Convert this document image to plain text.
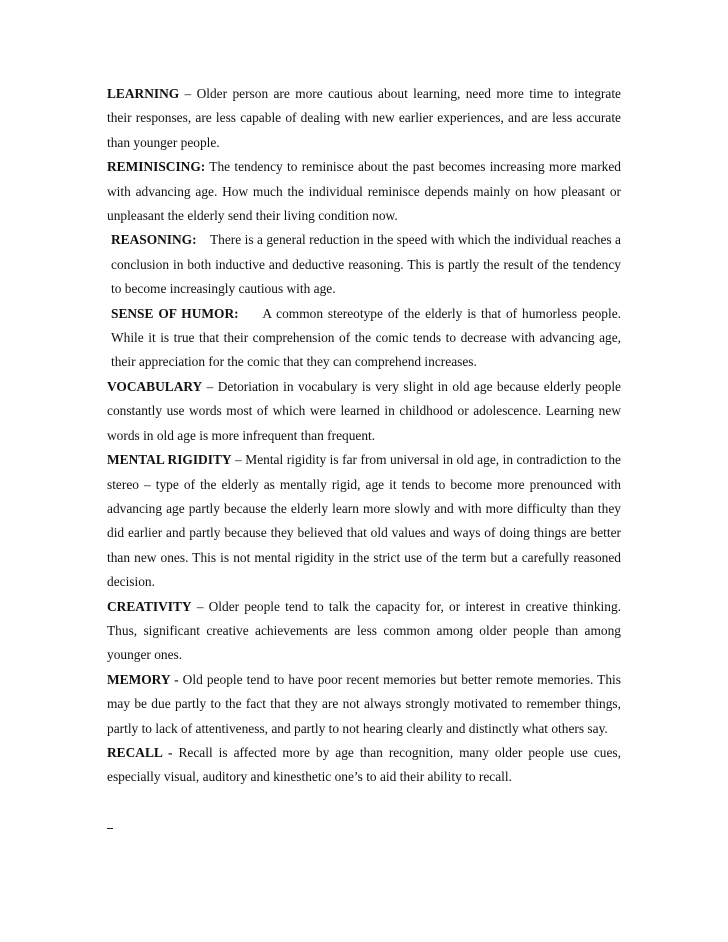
LEARNING – Older person are more cautious about learning, need more time to integrate their responses, are less capable of dealing with new earlier experiences, and are less accurate than younger people.

REMINISCING: The tendency to reminisce about the past becomes increasing more marked with advancing age. How much the individual reminisce depends mainly on how pleasant or unpleasant the elderly send their living condition now.

REASONING: There is a general reduction in the speed with which the individual reaches a conclusion in both inductive and deductive reasoning. This is partly the result of the tendency to become increasingly cautious with age.

SENSE OF HUMOR: A common stereotype of the elderly is that of humorless people. While it is true that their comprehension of the comic tends to decrease with advancing age, their appreciation for the comic that they can comprehend increases.

VOCABULARY – Detoriation in vocabulary is very slight in old age because elderly people constantly use words most of which were learned in childhood or adolescence. Learning new words in old age is more infrequent than frequent.

MENTAL RIGIDITY – Mental rigidity is far from universal in old age, in contradiction to the stereo – type of the elderly as mentally rigid, age it tends to become more prenounced with advancing age partly because the elderly learn more slowly and with more difficulty than they did earlier and partly because they believed that old values and ways of doing things are better than new ones. This is not mental rigidity in the strict use of the term but a carefully reasoned decision.

CREATIVITY – Older people tend to talk the capacity for, or interest in creative thinking. Thus, significant creative achievements are less common among older people than among younger ones.

MEMORY - Old people tend to have poor recent memories but better remote memories. This may be due partly to the fact that they are not always strongly motivated to remember things, partly to lack of attentiveness, and partly to not hearing clearly and distinctly what others say.

RECALL - Recall is affected more by age than recognition, many older people use cues, especially visual, auditory and kinesthetic one’s to aid their ability to recall.
